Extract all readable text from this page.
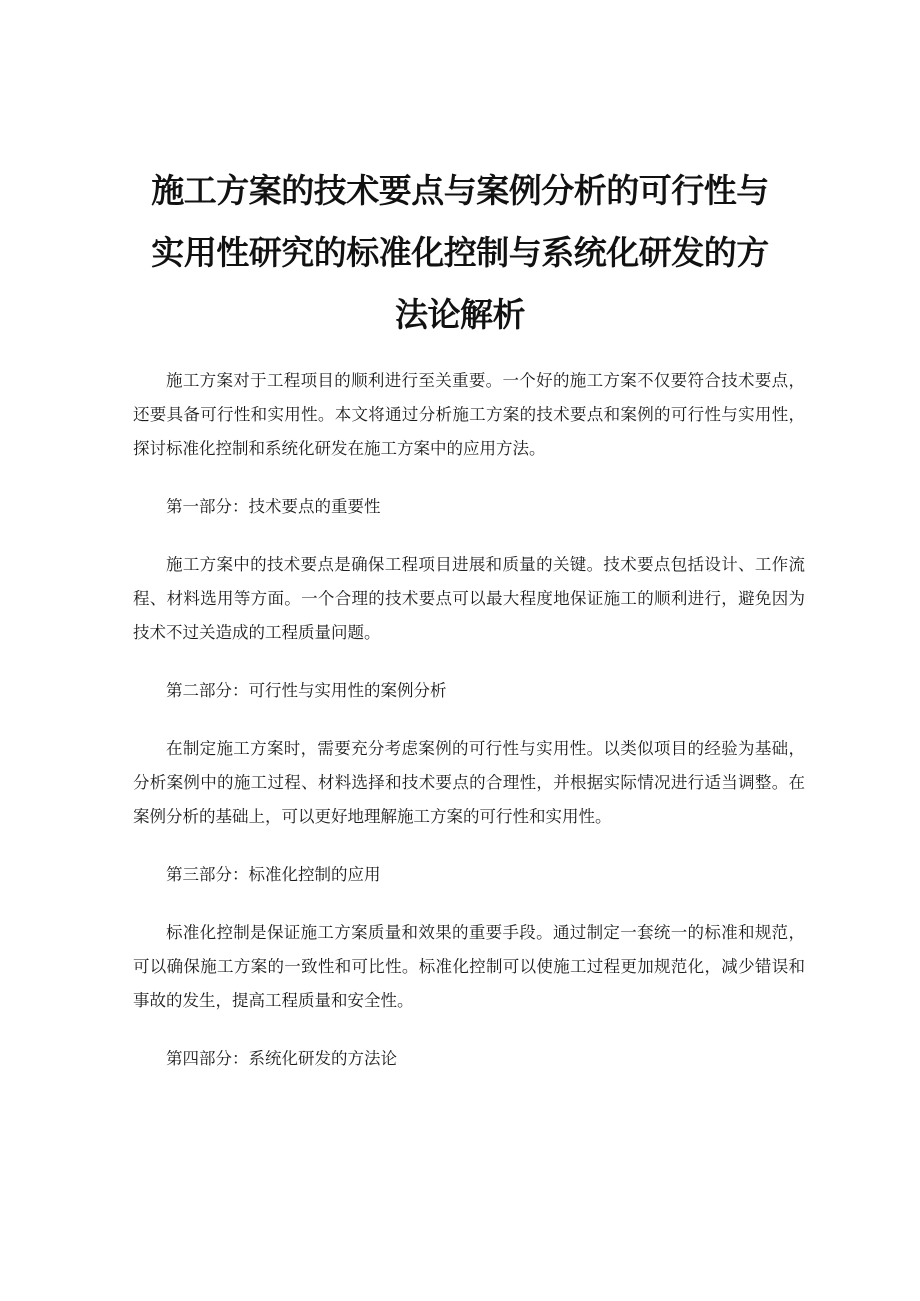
施工方案的技术要点与案例分析的可行性与
实用性研究的标准化控制与系统化研发的方
法论解析

施工方案对于工程项目的顺利进行至关重要。一个好的施工方案不仅要符合技术要点，还要具备可行性和实用性。本文将通过分析施工方案的技术要点和案例的可行性与实用性，探讨标准化控制和系统化研发在施工方案中的应用方法。

第一部分：技术要点的重要性

施工方案中的技术要点是确保工程项目进展和质量的关键。技术要点包括设计、工作流程、材料选用等方面。一个合理的技术要点可以最大程度地保证施工的顺利进行，避免因为技术不过关造成的工程质量问题。

第二部分：可行性与实用性的案例分析

在制定施工方案时，需要充分考虑案例的可行性与实用性。以类似项目的经验为基础，分析案例中的施工过程、材料选择和技术要点的合理性，并根据实际情况进行适当调整。在案例分析的基础上，可以更好地理解施工方案的可行性和实用性。

第三部分：标准化控制的应用

标准化控制是保证施工方案质量和效果的重要手段。通过制定一套统一的标准和规范，可以确保施工方案的一致性和可比性。标准化控制可以使施工过程更加规范化，减少错误和事故的发生，提高工程质量和安全性。

第四部分：系统化研发的方法论
